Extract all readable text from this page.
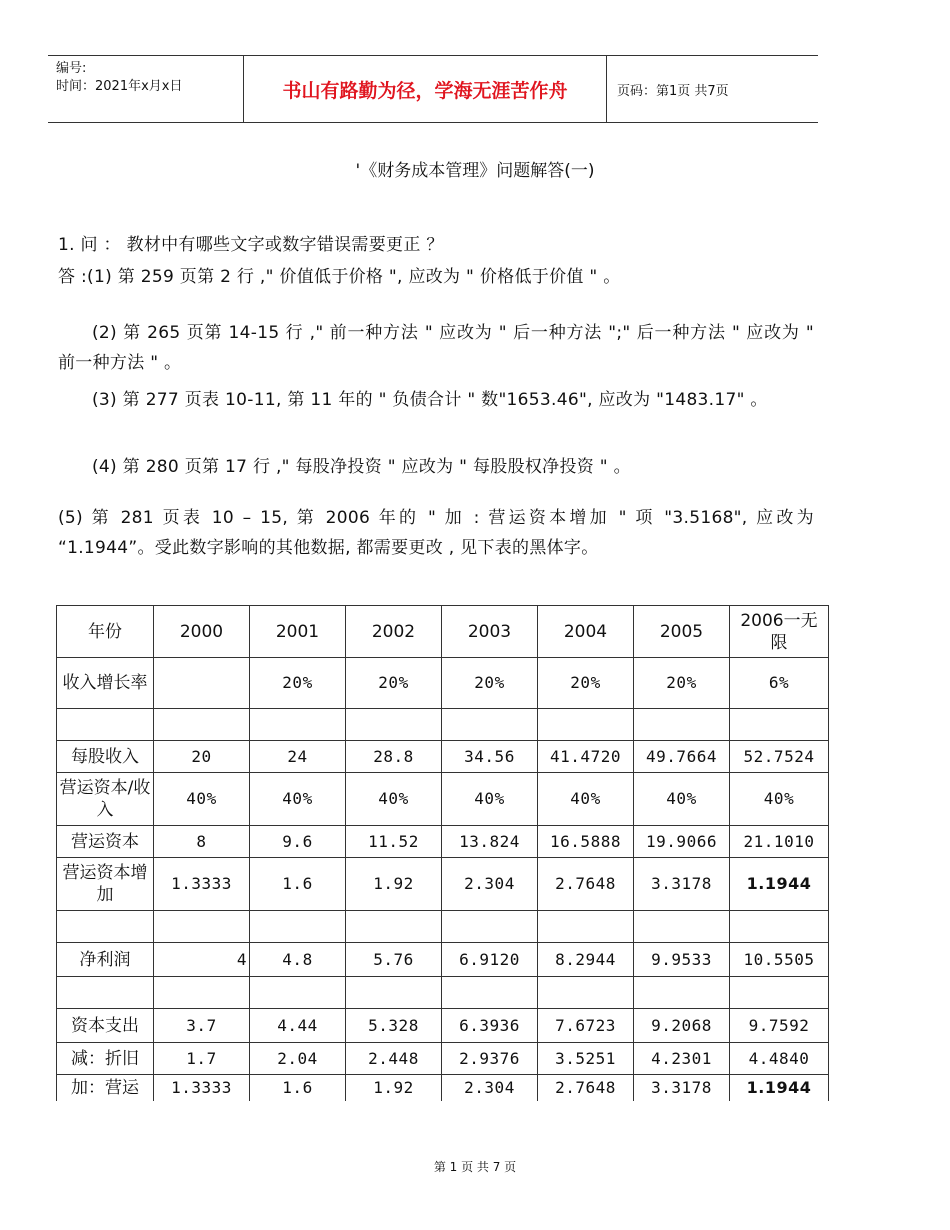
编号:
时间：2021年x月x日	书山有路勤为径，学海无涯苦作舟	页码：第1页 共7页
'《财务成本管理》问题解答(一)
1. 问 ： 教材中有哪些文字或数字错误需要更正 ？
答 :(1) 第 259 页第 2 行 ," 价值低于价格 ", 应改为 " 价格低于价值 " 。
(2) 第 265 页第 14-15 行 ," 前一种方法 " 应改为 " 后一种方法 ";" 后一种方法 " 应改为 " 前一种方法 " 。
(3) 第 277 页表 10-11, 第 11 年的 " 负债合计 " 数"1653.46", 应改为 "1483.17" 。
(4) 第 280 页第 17 行 ," 每股净投资 " 应改为 " 每股股权净投资 " 。
(5) 第 281 页表 10 – 15, 第 2006 年的 " 加 : 营运资本增加 " 项 "3.5168", 应改为 “1.1944”。受此数字影响的其他数据, 都需要更改 , 见下表的黑体字。
年份	2000	2001	2002	2003	2004	2005	2006一无限
收入增长率		20%	20%	20%	20%	20%	6%

每股收入	20	24	28.8	34.56	41.4720	49.7664	52.7524
营运资本/收入	40%	40%	40%	40%	40%	40%	40%
营运资本	8	9.6	11.52	13.824	16.5888	19.9066	21.1010
营运资本增加	1.3333	1.6	1.92	2.304	2.7648	3.3178	1.1944

净利润	4	4.8	5.76	6.9120	8.2944	9.9533	10.5505

资本支出	3.7	4.44	5.328	6.3936	7.6723	9.2068	9.7592
减：折旧	1.7	2.04	2.448	2.9376	3.5251	4.2301	4.4840
加：营运	1.3333	1.6	1.92	2.304	2.7648	3.3178	1.1944
第 1 页 共 7 页
